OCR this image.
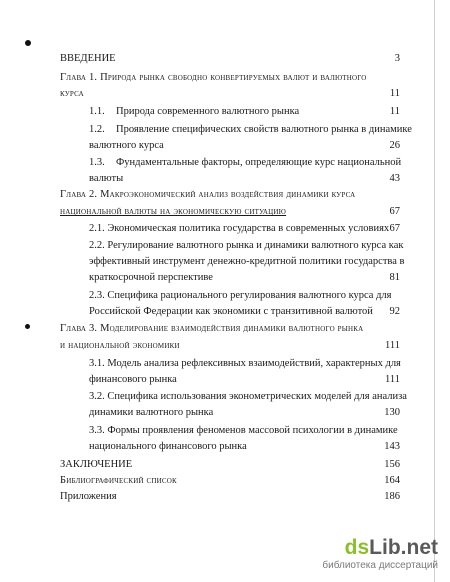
ВВЕДЕНИЕ	3
Глава 1. Природа рынка свободно конвертируемых валют и валютного
курса	11
1.1. Природа современного валютного рынка	11
1.2. Проявление специфических свойств валютного рынка в динамике
валютного курса	26
1.3. Фундаментальные факторы, определяющие курс национальной
валюты	43
Глава 2. Макроэкономический анализ воздействия динамики курса
национальной валюты на экономическую ситуацию	67
2.1. Экономическая политика государства в современных условиях 67
2.2. Регулирование валютного рынка и динамики валютного курса как
эффективный инструмент денежно-кредитной политики государства в
краткосрочной перспективе	81
2.3. Специфика рационального регулирования валютного курса для
Российской Федерации как экономики с транзитивной валютой	92
Глава 3. Моделирование взаимодействия динамики валютного рынка
и национальной экономики	111
3.1. Модель анализа рефлексивных взаимодействий, характерных для
финансового рынка	111
3.2. Специфика использования эконометрических моделей для анализа
динамики валютного рынка	130
3.3. Формы проявления феноменов массовой психологии в динамике
национального финансового рынка	143
ЗАКЛЮЧЕНИЕ	156
Библиографический список	164
Приложения	186
dsLib.net
библиотека диссертаций
